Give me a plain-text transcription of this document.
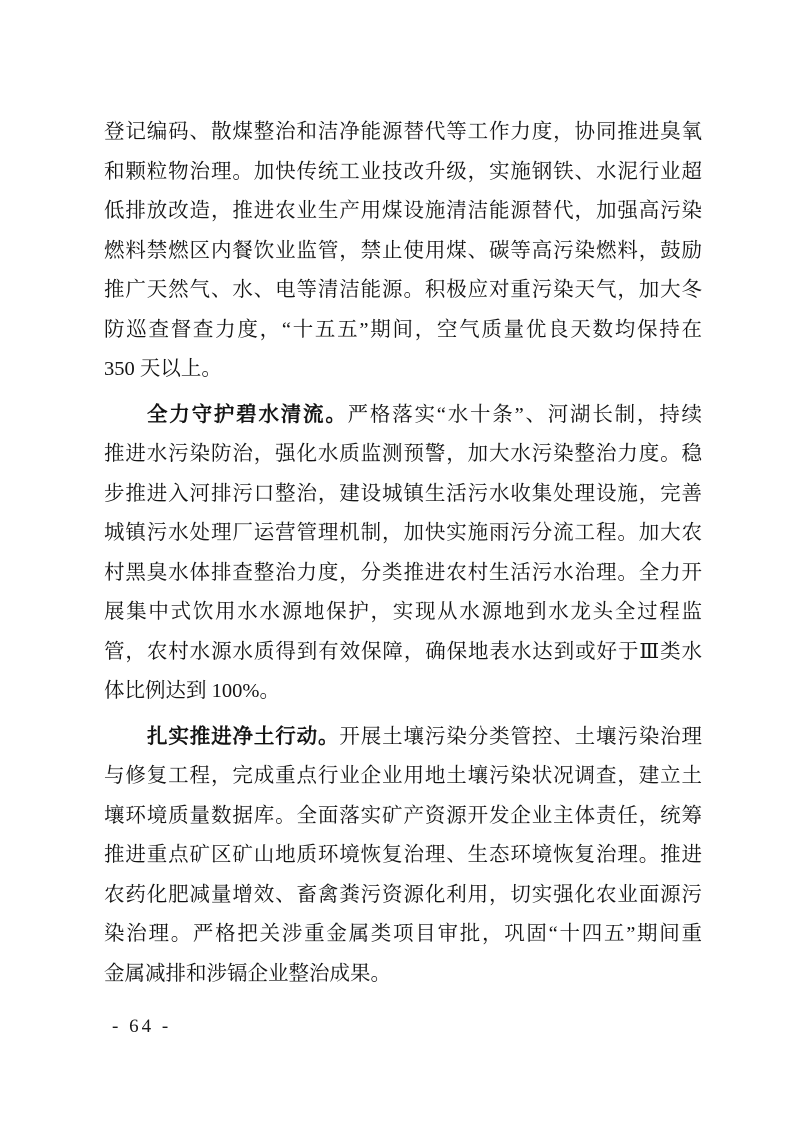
登记编码、散煤整治和洁净能源替代等工作力度，协同推进臭氧
和颗粒物治理。加快传统工业技改升级，实施钢铁、水泥行业超
低排放改造，推进农业生产用煤设施清洁能源替代，加强高污染
燃料禁燃区内餐饮业监管，禁止使用煤、碳等高污染燃料，鼓励
推广天然气、水、电等清洁能源。积极应对重污染天气，加大冬
防巡查督查力度，“十五五”期间，空气质量优良天数均保持在
350 天以上。
全力守护碧水清流。严格落实“水十条”、河湖长制，持续
推进水污染防治，强化水质监测预警，加大水污染整治力度。稳
步推进入河排污口整治，建设城镇生活污水收集处理设施，完善
城镇污水处理厂运营管理机制，加快实施雨污分流工程。加大农
村黑臭水体排查整治力度，分类推进农村生活污水治理。全力开
展集中式饮用水水源地保护，实现从水源地到水龙头全过程监
管，农村水源水质得到有效保障，确保地表水达到或好于Ⅲ类水
体比例达到 100%。
扎实推进净土行动。开展土壤污染分类管控、土壤污染治理
与修复工程，完成重点行业企业用地土壤污染状况调查，建立土
壤环境质量数据库。全面落实矿产资源开发企业主体责任，统筹
推进重点矿区矿山地质环境恢复治理、生态环境恢复治理。推进
农药化肥减量增效、畜禽粪污资源化利用，切实强化农业面源污
染治理。严格把关涉重金属类项目审批，巩固“十四五”期间重
金属减排和涉镉企业整治成果。
- 64 -
